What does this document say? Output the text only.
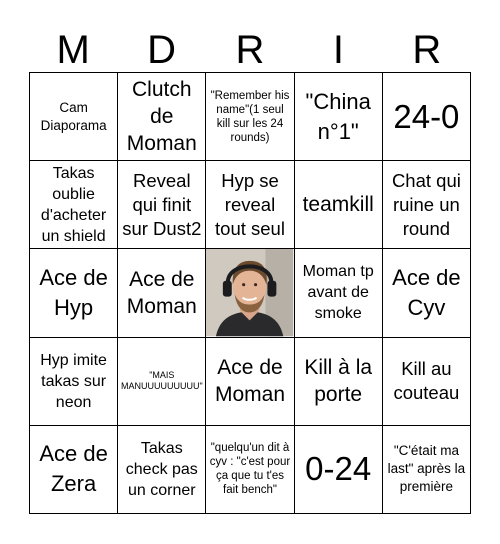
M	D	R	I	R
Cam Diaporama
Clutch de Moman
"Remember his name"(1 seul kill sur les 24 rounds)
"China n°1"	24-0
Takas oublie d'acheter un shield
Reveal qui finit sur Dust2
Hyp se reveal tout seul
teamkill
Chat qui ruine un round
Ace de Hyp
Ace de Moman
Moman tp avant de smoke
Ace de Cyv
Hyp imite takas sur neon
"MAIS MANUUUUUUUUU"
Ace de Moman
Kill à la porte
Kill au couteau
Ace de Zera
Takas check pas un corner
"quelqu'un dit à cyv : "c'est pour ça que tu t'es fait bench"
0-24	"C'était ma last" après la première
